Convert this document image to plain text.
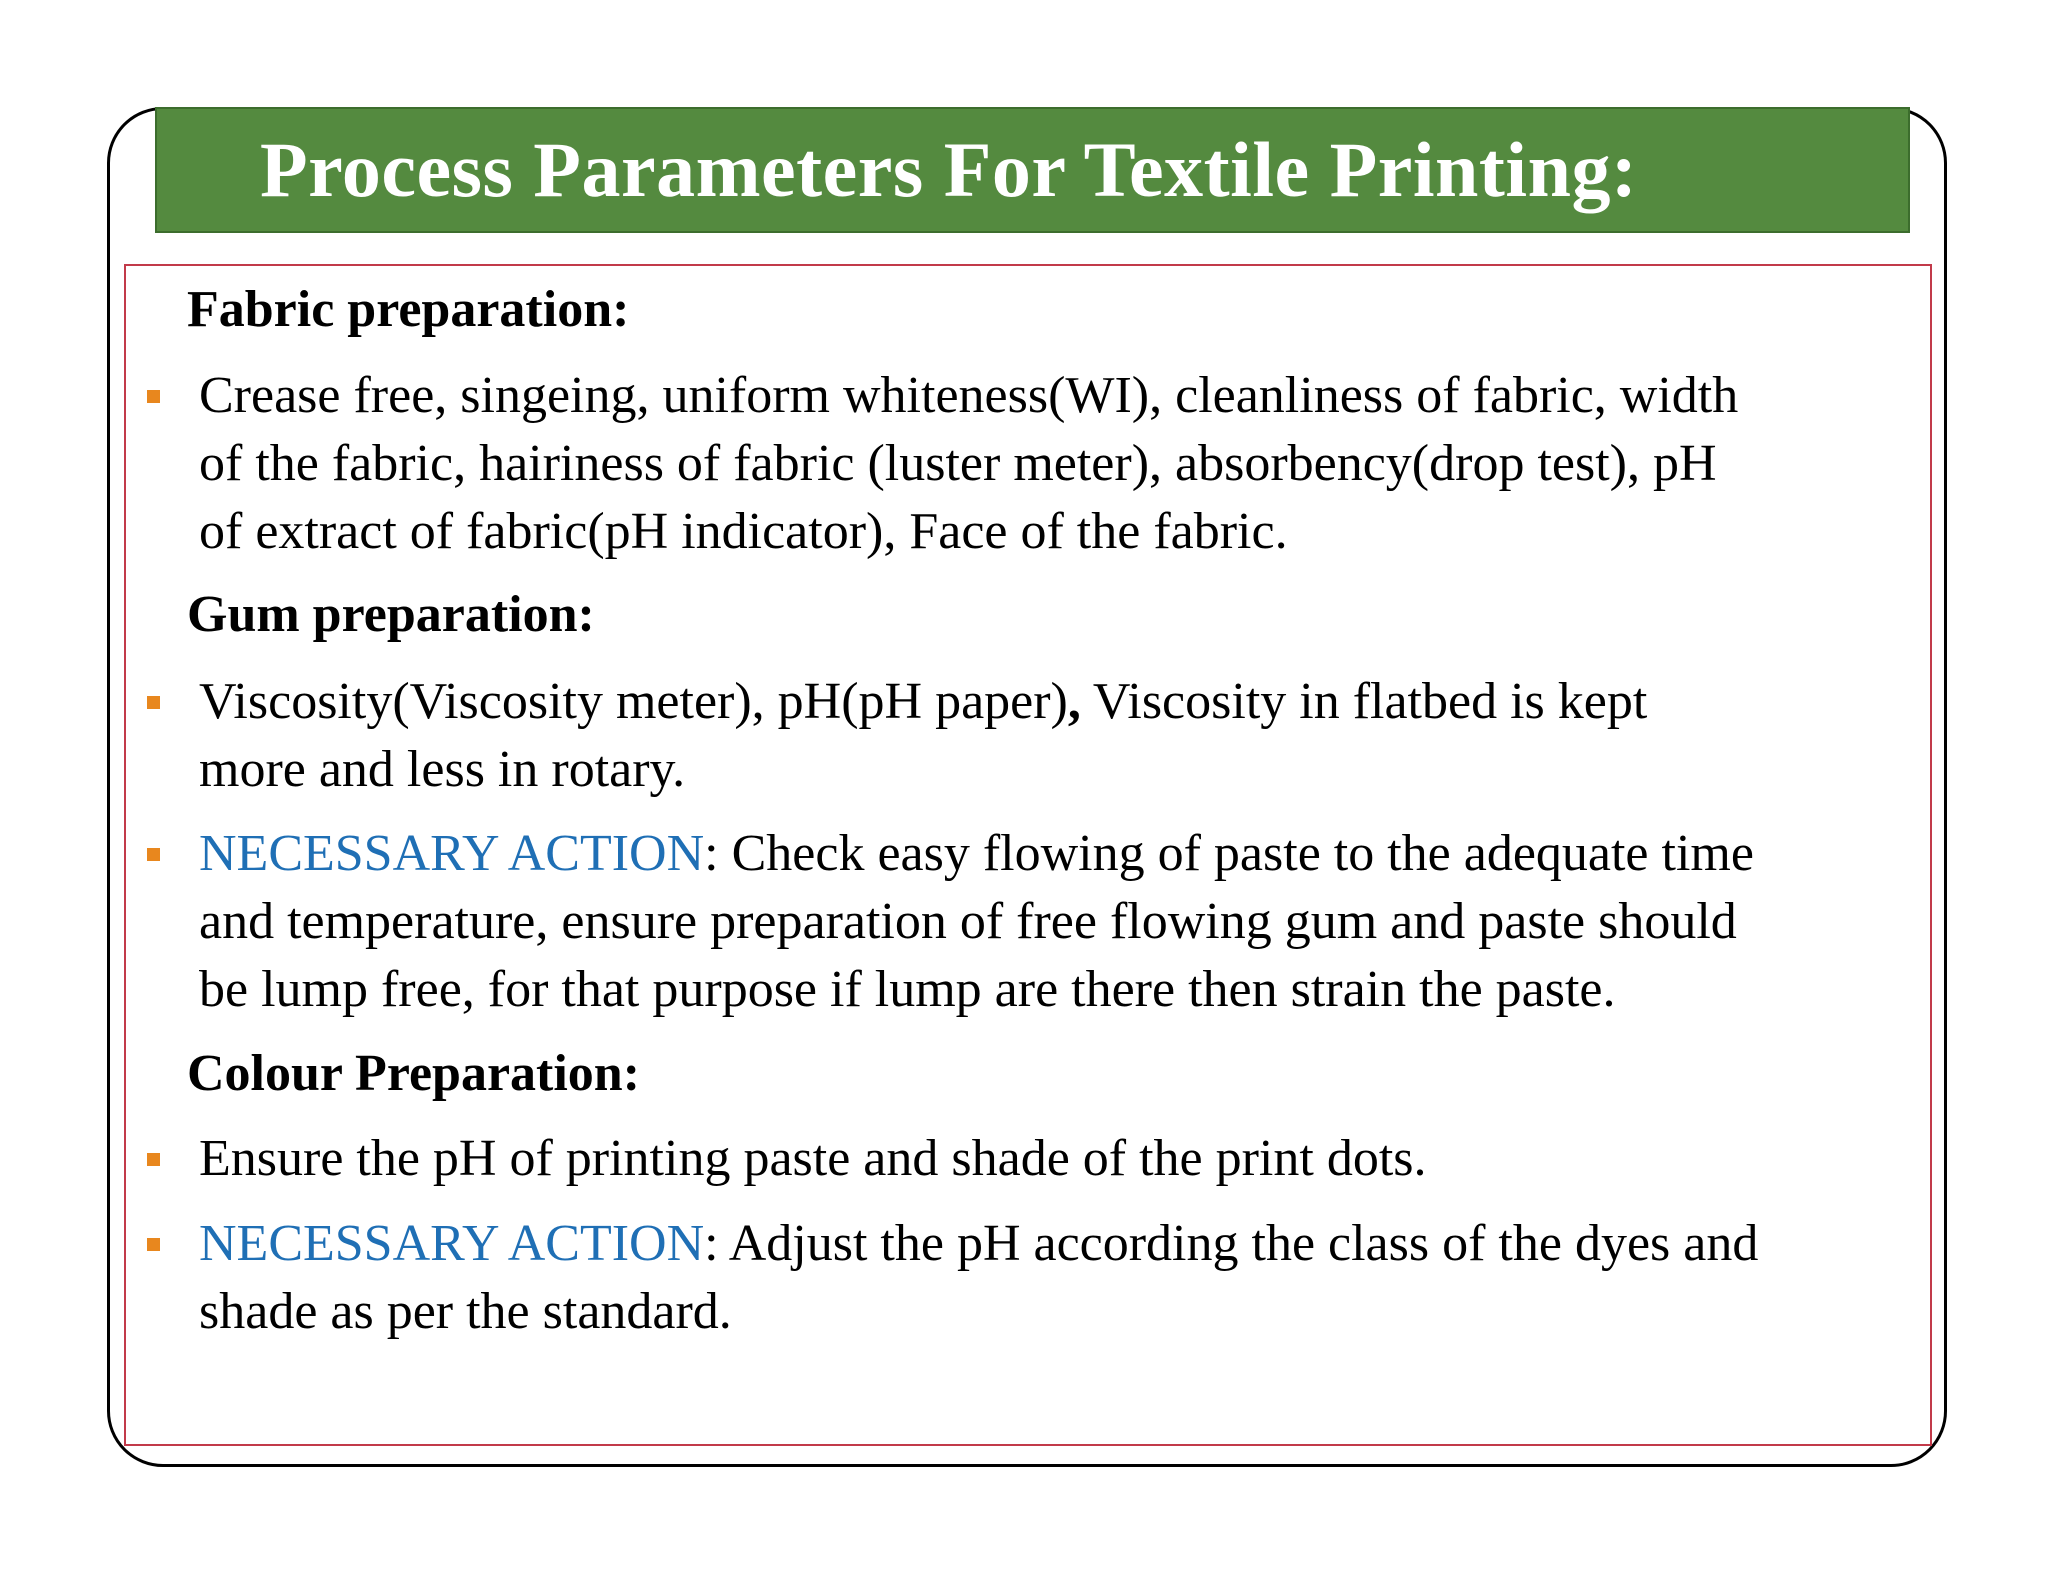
Process Parameters For Textile Printing:
Fabric preparation:
Crease free, singeing, uniform whiteness(WI), cleanliness of fabric, width
of the fabric, hairiness of fabric (luster meter), absorbency(drop test), pH
of extract of fabric(pH indicator), Face of the fabric.
Gum preparation:
Viscosity(Viscosity meter), pH(pH paper), Viscosity in flatbed is kept
more and less in rotary.
NECESSARY ACTION: Check easy flowing of paste to the adequate time
and temperature, ensure preparation of free flowing gum and paste should
be lump free, for that purpose if lump are there then strain the paste.
Colour Preparation:
Ensure the pH of printing paste and shade of the print dots.
NECESSARY ACTION: Adjust the pH according the class of the dyes and
shade as per the standard.
